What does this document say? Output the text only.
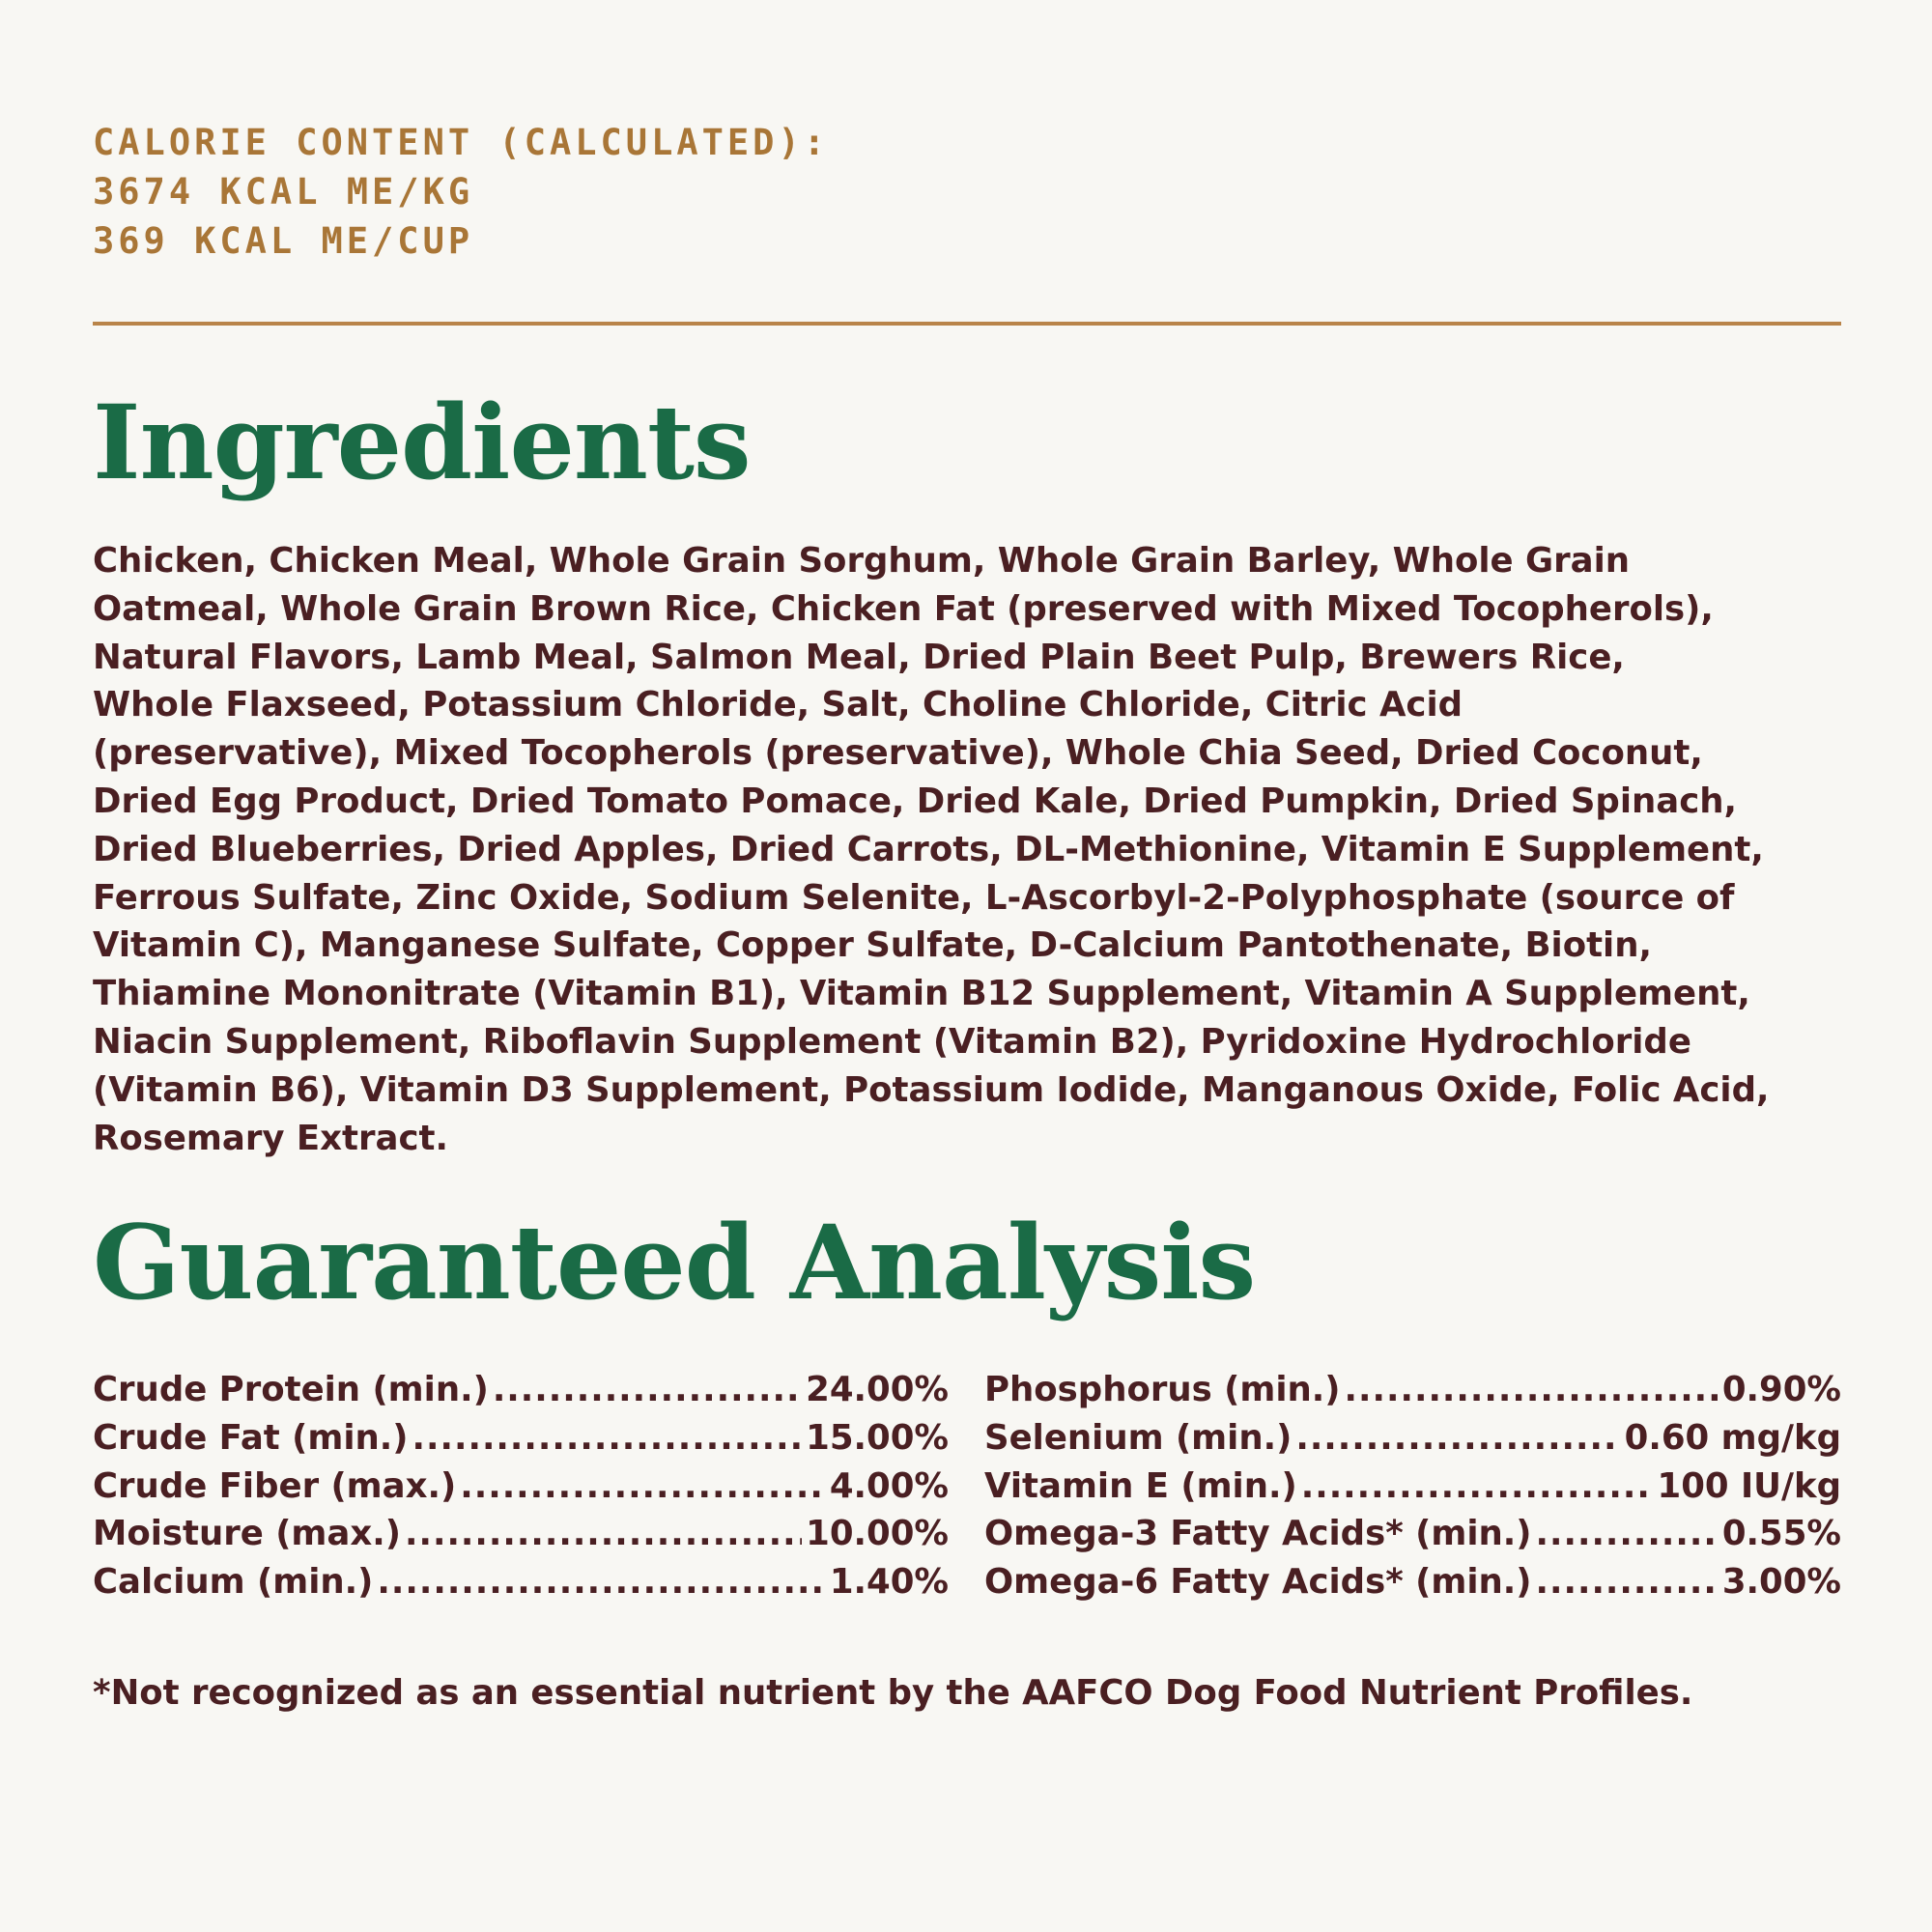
CALORIE CONTENT (CALCULATED):
3674 KCAL ME/KG
369 KCAL ME/CUP
Ingredients

Chicken, Chicken Meal, Whole Grain Sorghum, Whole Grain Barley, Whole Grain
Oatmeal, Whole Grain Brown Rice, Chicken Fat (preserved with Mixed Tocopherols),
Natural Flavors, Lamb Meal, Salmon Meal, Dried Plain Beet Pulp, Brewers Rice,
Whole Flaxseed, Potassium Chloride, Salt, Choline Chloride, Citric Acid
(preservative), Mixed Tocopherols (preservative), Whole Chia Seed, Dried Coconut,
Dried Egg Product, Dried Tomato Pomace, Dried Kale, Dried Pumpkin, Dried Spinach,
Dried Blueberries, Dried Apples, Dried Carrots, DL-Methionine, Vitamin E Supplement,
Ferrous Sulfate, Zinc Oxide, Sodium Selenite, L-Ascorbyl-2-Polyphosphate (source of
Vitamin C), Manganese Sulfate, Copper Sulfate, D-Calcium Pantothenate, Biotin,
Thiamine Mononitrate (Vitamin B1), Vitamin B12 Supplement, Vitamin A Supplement,
Niacin Supplement, Riboflavin Supplement (Vitamin B2), Pyridoxine Hydrochloride
(Vitamin B6), Vitamin D3 Supplement, Potassium Iodide, Manganous Oxide, Folic Acid,
Rosemary Extract.

Guaranteed Analysis
Crude Protein (min.) .....	24.00%
Crude Fat (min.) .....	15.00%
Crude Fiber (max.) .....	4.00%
Moisture (max.) .....	10.00%
Calcium (min.) .....	1.40%
Phosphorus (min.) .....	0.90%
Selenium (min.) .....	0.60 mg/kg
Vitamin E (min.) .....	100 IU/kg
Omega-3 Fatty Acids* (min.) .....	0.55%
Omega-6 Fatty Acids* (min.) .....	3.00%

*Not recognized as an essential nutrient by the AAFCO Dog Food Nutrient Profiles.
